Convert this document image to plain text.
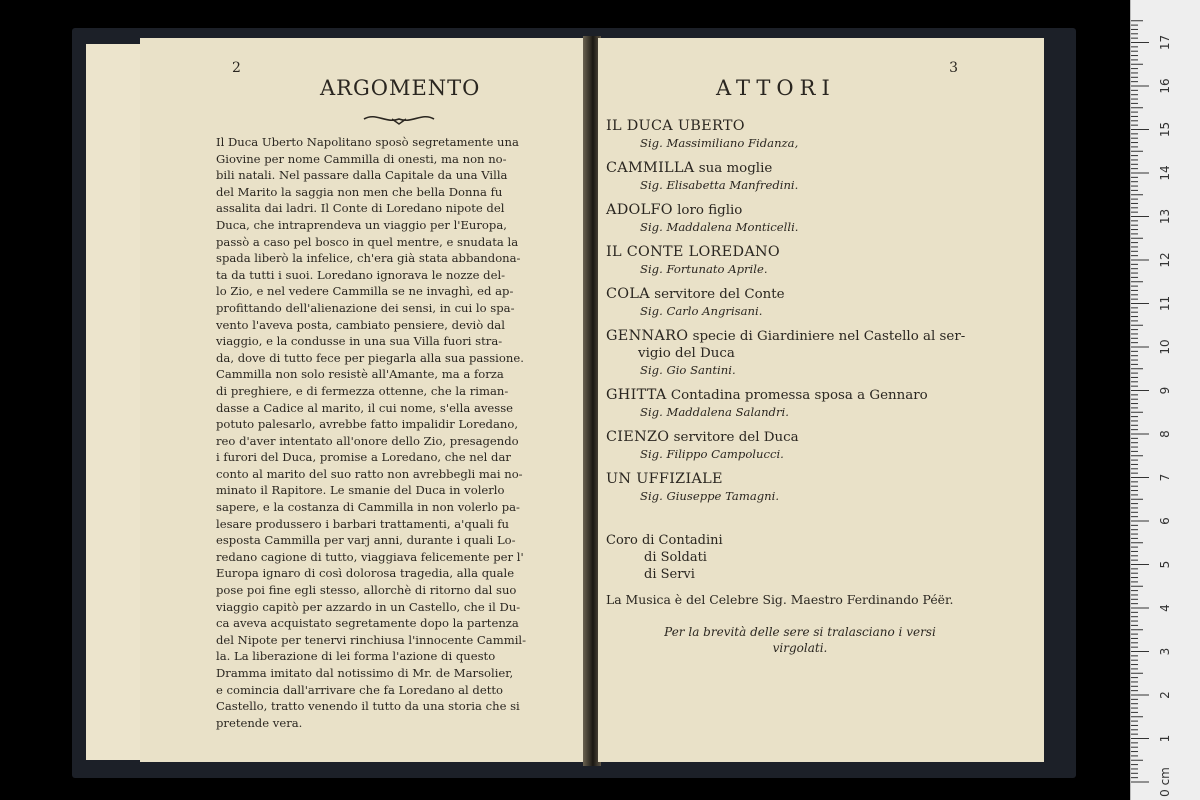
2
ARGOMENTO

Il Duca Uberto Napolitano sposò segretamente una

Giovine per nome Cammilla di onesti, ma non no-

bili natali. Nel passare dalla Capitale da una Villa

del Marito la saggia non men che bella Donna fu

assalita dai ladri. Il Conte di Loredano nipote del

Duca, che intraprendeva un viaggio per l'Europa,

passò a caso pel bosco in quel mentre, e snudata la

spada liberò la infelice, ch'era già stata abbandona-

ta da tutti i suoi. Loredano ignorava le nozze del-

lo Zio, e nel vedere Cammilla se ne invaghì, ed ap-

profittando dell'alienazione dei sensi, in cui lo spa-

vento l'aveva posta, cambiato pensiere, deviò dal

viaggio, e la condusse in una sua Villa fuori stra-

da, dove di tutto fece per piegarla alla sua passione.

Cammilla non solo resistè all'Amante, ma a forza

di preghiere, e di fermezza ottenne, che la riman-

dasse a Cadice al marito, il cui nome, s'ella avesse

potuto palesarlo, avrebbe fatto impalidir Loredano,

reo d'aver intentato all'onore dello Zio, presagendo

i furori del Duca, promise a Loredano, che nel dar

conto al marito del suo ratto non avrebbegli mai no-

minato il Rapitore. Le smanie del Duca in volerlo

sapere, e la costanza di Cammilla in non volerlo pa-

lesare produssero i barbari trattamenti, a'quali fu

esposta Cammilla per varj anni, durante i quali Lo-

redano cagione di tutto, viaggiava felicemente per l'

Europa ignaro di così dolorosa tragedia, alla quale

pose poi fine egli stesso, allorchè di ritorno dal suo

viaggio capitò per azzardo in un Castello, che il Du-

ca aveva acquistato segretamente dopo la partenza

del Nipote per tenervi rinchiusa l'innocente Cammil-

la. La liberazione di lei forma l'azione di questo

Dramma imitato dal notissimo di Mr. de Marsolier,

e comincia dall'arrivare che fa Loredano al detto

Castello, tratto venendo il tutto da una storia che si

pretende vera.

3
ATTORI
IL DUCA UBERTO
Sig. Massimiliano Fidanza,
CAMMILLA sua moglie
Sig. Elisabetta Manfredini.
ADOLFO loro figlio
Sig. Maddalena Monticelli.
IL CONTE LOREDANO
Sig. Fortunato Aprile.
COLA servitore del Conte
Sig. Carlo Angrisani.
GENNARO specie di Giardiniere nel Castello al ser-
vigio del Duca
Sig. Gio Santini.
GHITTA Contadina promessa sposa a Gennaro
Sig. Maddalena Salandri.
CIENZO servitore del Duca
Sig. Filippo Campolucci.
UN UFFIZIALE
Sig. Giuseppe Tamagni.
Coro di Contadini
di Soldati
di Servi
La Musica è del Celebre Sig. Maestro Ferdinando Péër.
Per la brevità delle sere si tralasciano i versi
virgolati.
0 cm
1
2
3
4
5
6
7
8
9
10
11
12
13
14
15
16
17
